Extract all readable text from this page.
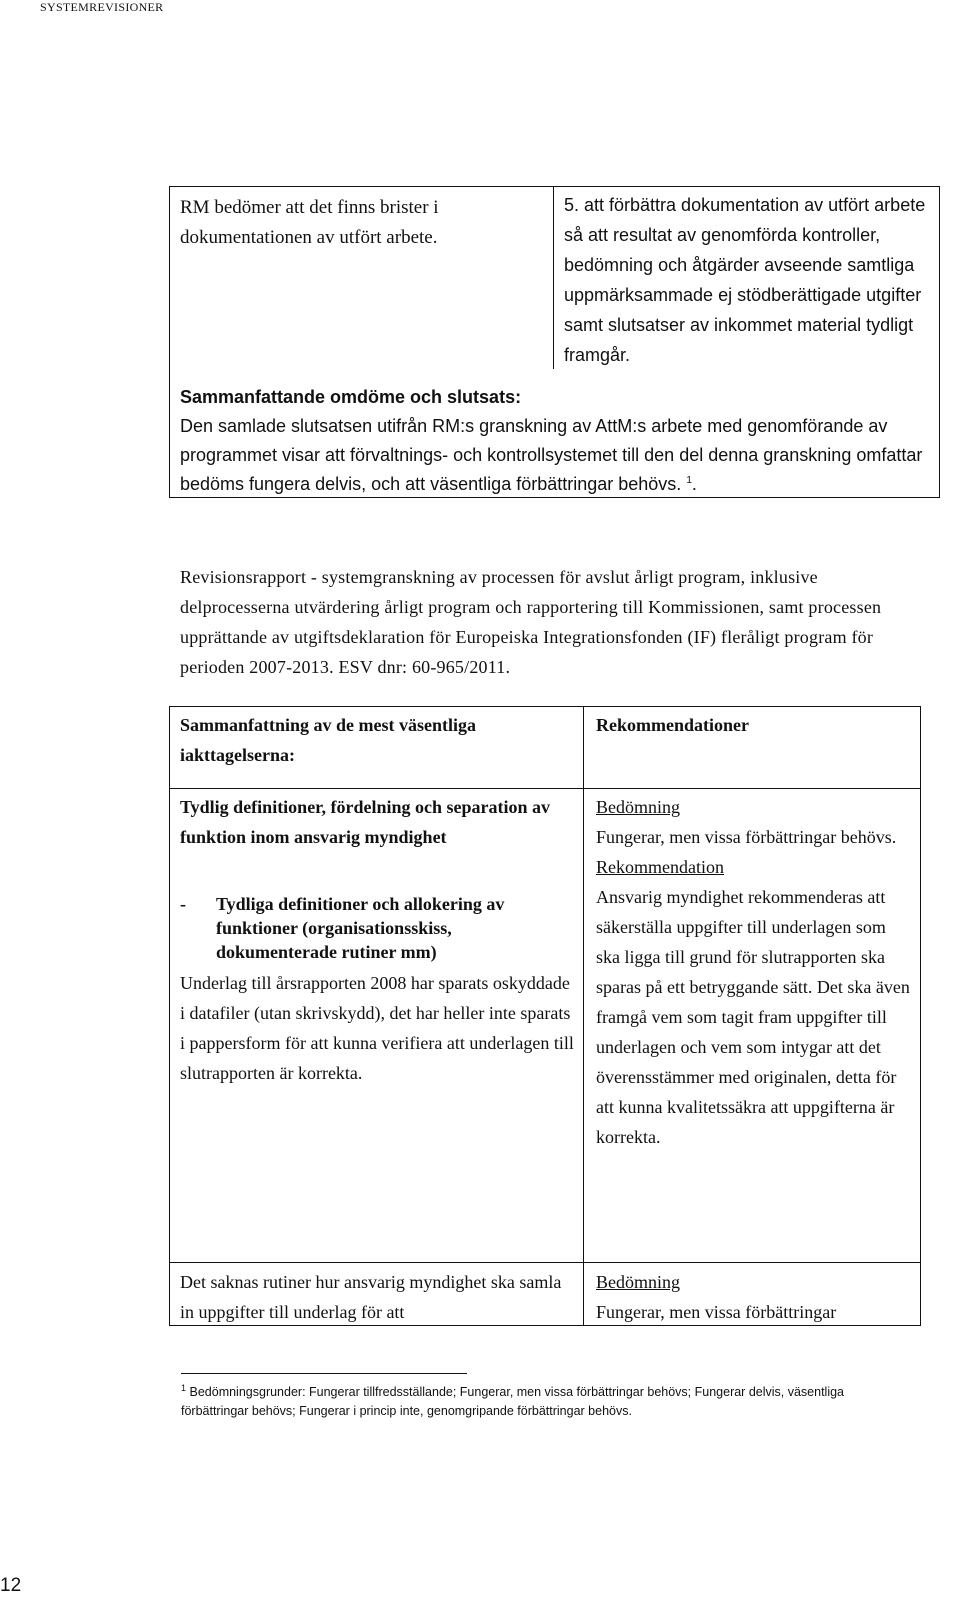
SYSTEMREVISIONER
RM bedömer att det finns brister i dokumentationen av utfört arbete.
5. att förbättra dokumentation av utfört arbete så att resultat av genomförda kontroller, bedömning och åtgärder avseende samtliga uppmärksammade ej stödberättigade utgifter samt slutsatser av inkommet material tydligt framgår.
Sammanfattande omdöme och slutsats:
Den samlade slutsatsen utifrån RM:s granskning av AttM:s arbete med genomförande av programmet visar att förvaltnings- och kontrollsystemet till den del denna granskning omfattar bedöms fungera delvis, och att väsentliga förbättringar behövs. $^1$.
Revisionsrapport - systemgranskning av processen för avslut årligt program, inklusive delprocesserna utvärdering årligt program och rapportering till Kommissionen, samt processen upprättande av utgiftsdeklaration för Europeiska Integrationsfonden (IF) fleråligt program för perioden 2007-2013. ESV dnr: 60-965/2011.
Sammanfattning av de mest väsentliga iakttagelserna:
Rekommendationer
Tydlig definitioner, fördelning och separation av funktion inom ansvarig myndighet
-	Tydliga definitioner och allokering av funktioner (organisationsskiss, dokumenterade rutiner mm)
Underlag till årsrapporten 2008 har sparats oskyddade i datafiler (utan skrivskydd), det har heller inte sparats i pappersform för att kunna verifiera att underlagen till slutrapporten är korrekta.
Bedömning
Fungerar, men vissa förbättringar behövs.
Rekommendation
Ansvarig myndighet rekommenderas att säkerställa uppgifter till underlagen som ska ligga till grund för slutrapporten ska sparas på ett betryggande sätt. Det ska även framgå vem som tagit fram uppgifter till underlagen och vem som intygar att det överensstämmer med originalen, detta för att kunna kvalitetssäkra att uppgifterna är korrekta.
Det saknas rutiner hur ansvarig myndighet ska samla in uppgifter till underlag för att
Bedömning
Fungerar, men vissa förbättringar
$^1$ Bedömningsgrunder: Fungerar tillfredsställande; Fungerar, men vissa förbättringar behövs; Fungerar delvis, väsentliga förbättringar behövs; Fungerar i princip inte, genomgripande förbättringar behövs.
12
